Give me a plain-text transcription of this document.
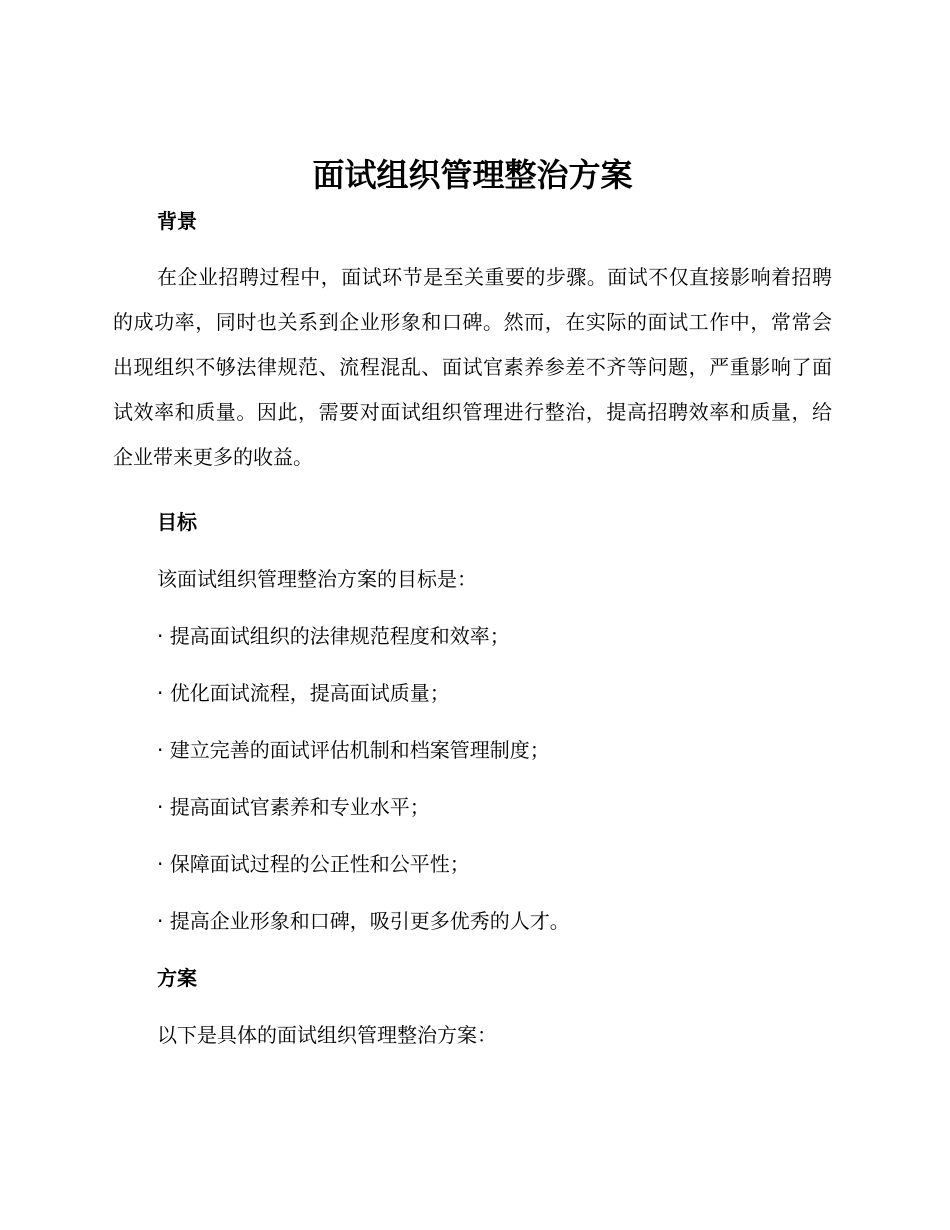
面试组织管理整治方案
背景

在企业招聘过程中，面试环节是至关重要的步骤。面试不仅直接影响着招聘的成功率，同时也关系到企业形象和口碑。然而，在实际的面试工作中，常常会出现组织不够法律规范、流程混乱、面试官素养参差不齐等问题，严重影响了面试效率和质量。因此，需要对面试组织管理进行整治，提高招聘效率和质量，给企业带来更多的收益。

目标

该面试组织管理整治方案的目标是：

· 提高面试组织的法律规范程度和效率；

· 优化面试流程，提高面试质量；

· 建立完善的面试评估机制和档案管理制度；

· 提高面试官素养和专业水平；

· 保障面试过程的公正性和公平性；

· 提高企业形象和口碑，吸引更多优秀的人才。

方案

以下是具体的面试组织管理整治方案：
